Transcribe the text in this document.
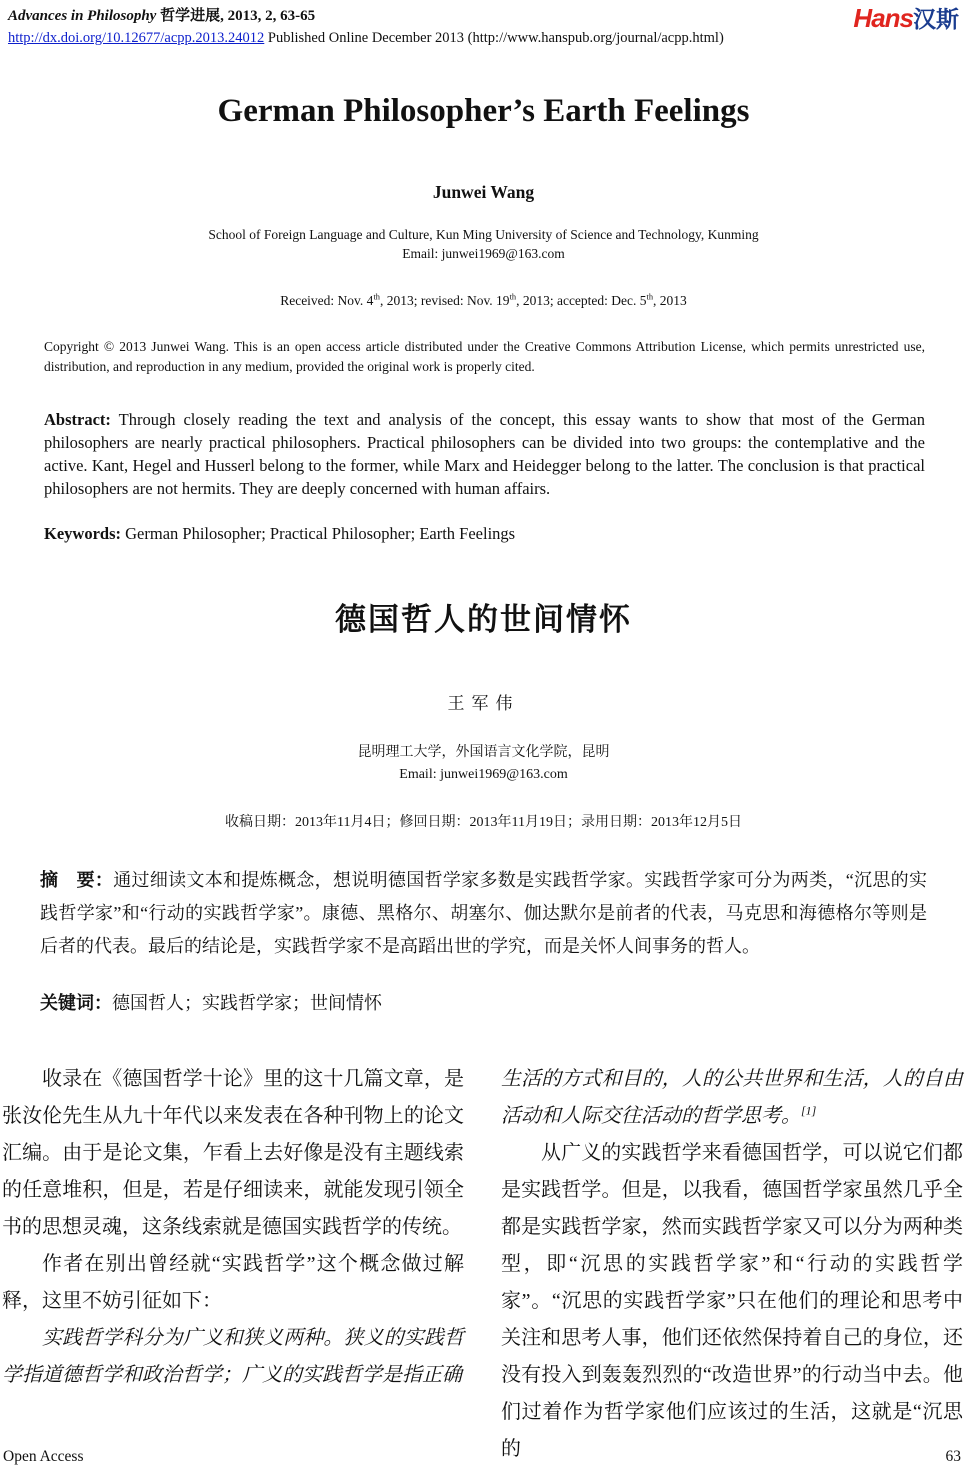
Advances in Philosophy 哲学进展, 2013, 2, 63-65
http://dx.doi.org/10.12677/acpp.2013.24012 Published Online December 2013 (http://www.hanspub.org/journal/acpp.html)
Hans汉斯
German Philosopher’s Earth Feelings
Junwei Wang
School of Foreign Language and Culture, Kun Ming University of Science and Technology, Kunming
Email: junwei1969@163.com
Received: Nov. 4th, 2013; revised: Nov. 19th, 2013; accepted: Dec. 5th, 2013
Copyright © 2013 Junwei Wang. This is an open access article distributed under the Creative Commons Attribution License, which permits unrestricted use, distribution, and reproduction in any medium, provided the original work is properly cited.
Abstract: Through closely reading the text and analysis of the concept, this essay wants to show that most of the German philosophers are nearly practical philosophers. Practical philosophers can be divided into two groups: the contemplative and the active. Kant, Hegel and Husserl belong to the former, while Marx and Heidegger belong to the latter. The conclusion is that practical philosophers are not hermits. They are deeply concerned with human affairs.
Keywords: German Philosopher; Practical Philosopher; Earth Feelings
德国哲人的世间情怀
王军伟
昆明理工大学，外国语言文化学院，昆明
Email: junwei1969@163.com
收稿日期：2013年11月4日；修回日期：2013年11月19日；录用日期：2013年12月5日
摘　要：通过细读文本和提炼概念，想说明德国哲学家多数是实践哲学家。实践哲学家可分为两类，“沉思的实践哲学家”和“行动的实践哲学家”。康德、黑格尔、胡塞尔、伽达默尔是前者的代表，马克思和海德格尔等则是后者的代表。最后的结论是，实践哲学家不是高蹈出世的学究，而是关怀人间事务的哲人。
关键词：德国哲人；实践哲学家；世间情怀

收录在《德国哲学十论》里的这十几篇文章，是张汝伦先生从九十年代以来发表在各种刊物上的论文汇编。由于是论文集，乍看上去好像是没有主题线索的任意堆积，但是，若是仔细读来，就能发现引领全书的思想灵魂，这条线索就是德国实践哲学的传统。

作者在别出曾经就“实践哲学”这个概念做过解释，这里不妨引征如下：

实践哲学科分为广义和狭义两种。狭义的实践哲学指道德哲学和政治哲学；广义的实践哲学是指正确

生活的方式和目的，人的公共世界和生活，人的自由活动和人际交往活动的哲学思考。[1]

从广义的实践哲学来看德国哲学，可以说它们都是实践哲学。但是，以我看，德国哲学家虽然几乎全都是实践哲学家，然而实践哲学家又可以分为两种类型，即“沉思的实践哲学家”和“行动的实践哲学家”。“沉思的实践哲学家”只在他们的理论和思考中关注和思考人事，他们还依然保持着自己的身位，还没有投入到轰轰烈烈的“改造世界”的行动当中去。他们过着作为哲学家他们应该过的生活，这就是“沉思的

Open Access	63
